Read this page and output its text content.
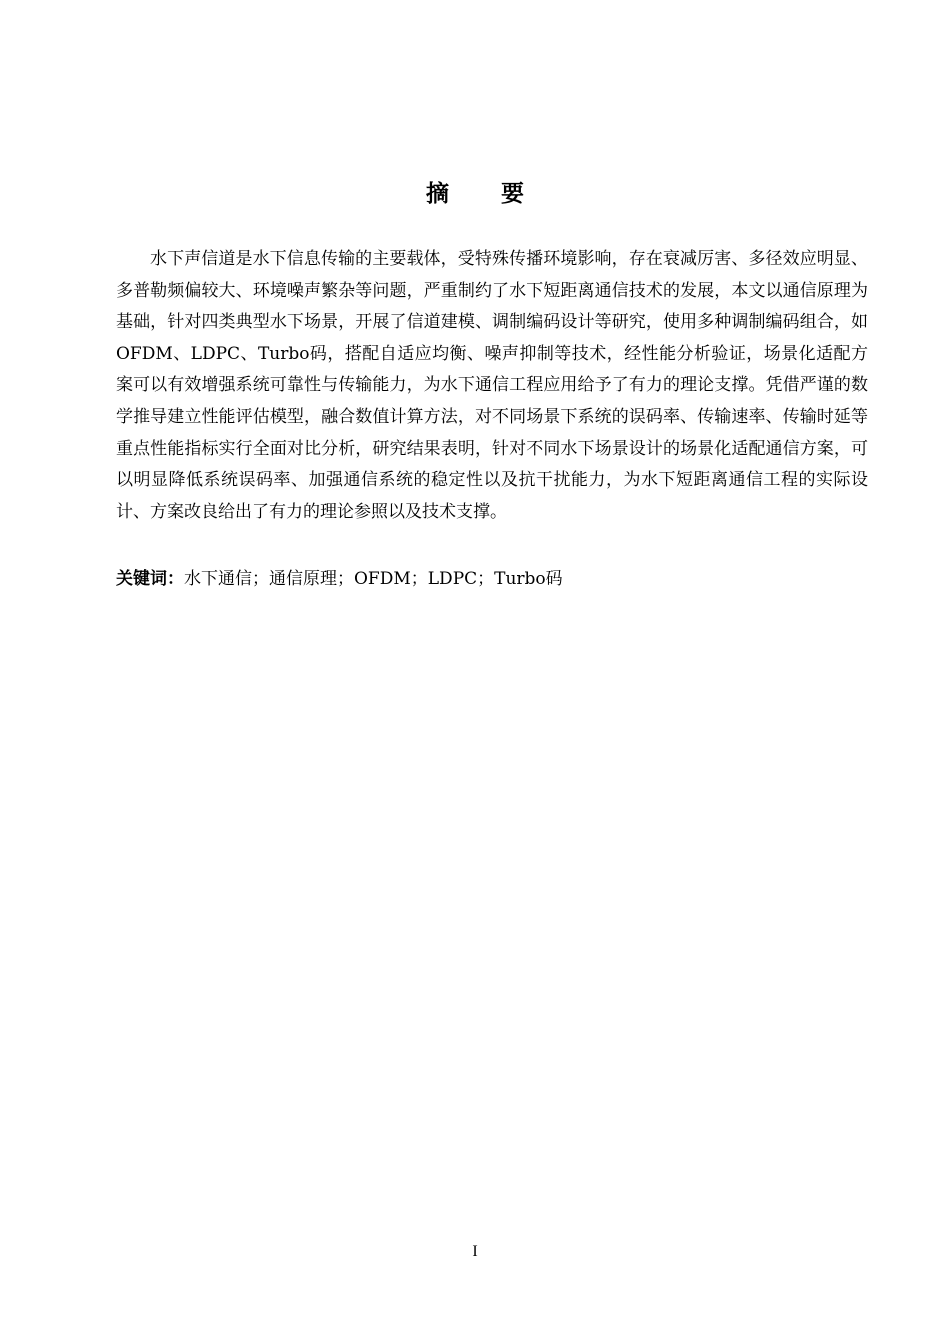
摘要

水下声信道是水下信息传输的主要载体，受特殊传播环境影响，存在衰减厉害、多径效应明显、多普勒频偏较大、环境噪声繁杂等问题，严重制约了水下短距离通信技术的发展，本文以通信原理为基础，针对四类典型水下场景，开展了信道建模、调制编码设计等研究，使用多种调制编码组合，如OFDM、LDPC、Turbo码，搭配自适应均衡、噪声抑制等技术，经性能分析验证，场景化适配方案可以有效增强系统可靠性与传输能力，为水下通信工程应用给予了有力的理论支撑。凭借严谨的数学推导建立性能评估模型，融合数值计算方法，对不同场景下系统的误码率、传输速率、传输时延等重点性能指标实行全面对比分析，研究结果表明，针对不同水下场景设计的场景化适配通信方案，可以明显降低系统误码率、加强通信系统的稳定性以及抗干扰能力，为水下短距离通信工程的实际设计、方案改良给出了有力的理论参照以及技术支撑。

关键词：水下通信；通信原理；OFDM；LDPC；Turbo码

I
